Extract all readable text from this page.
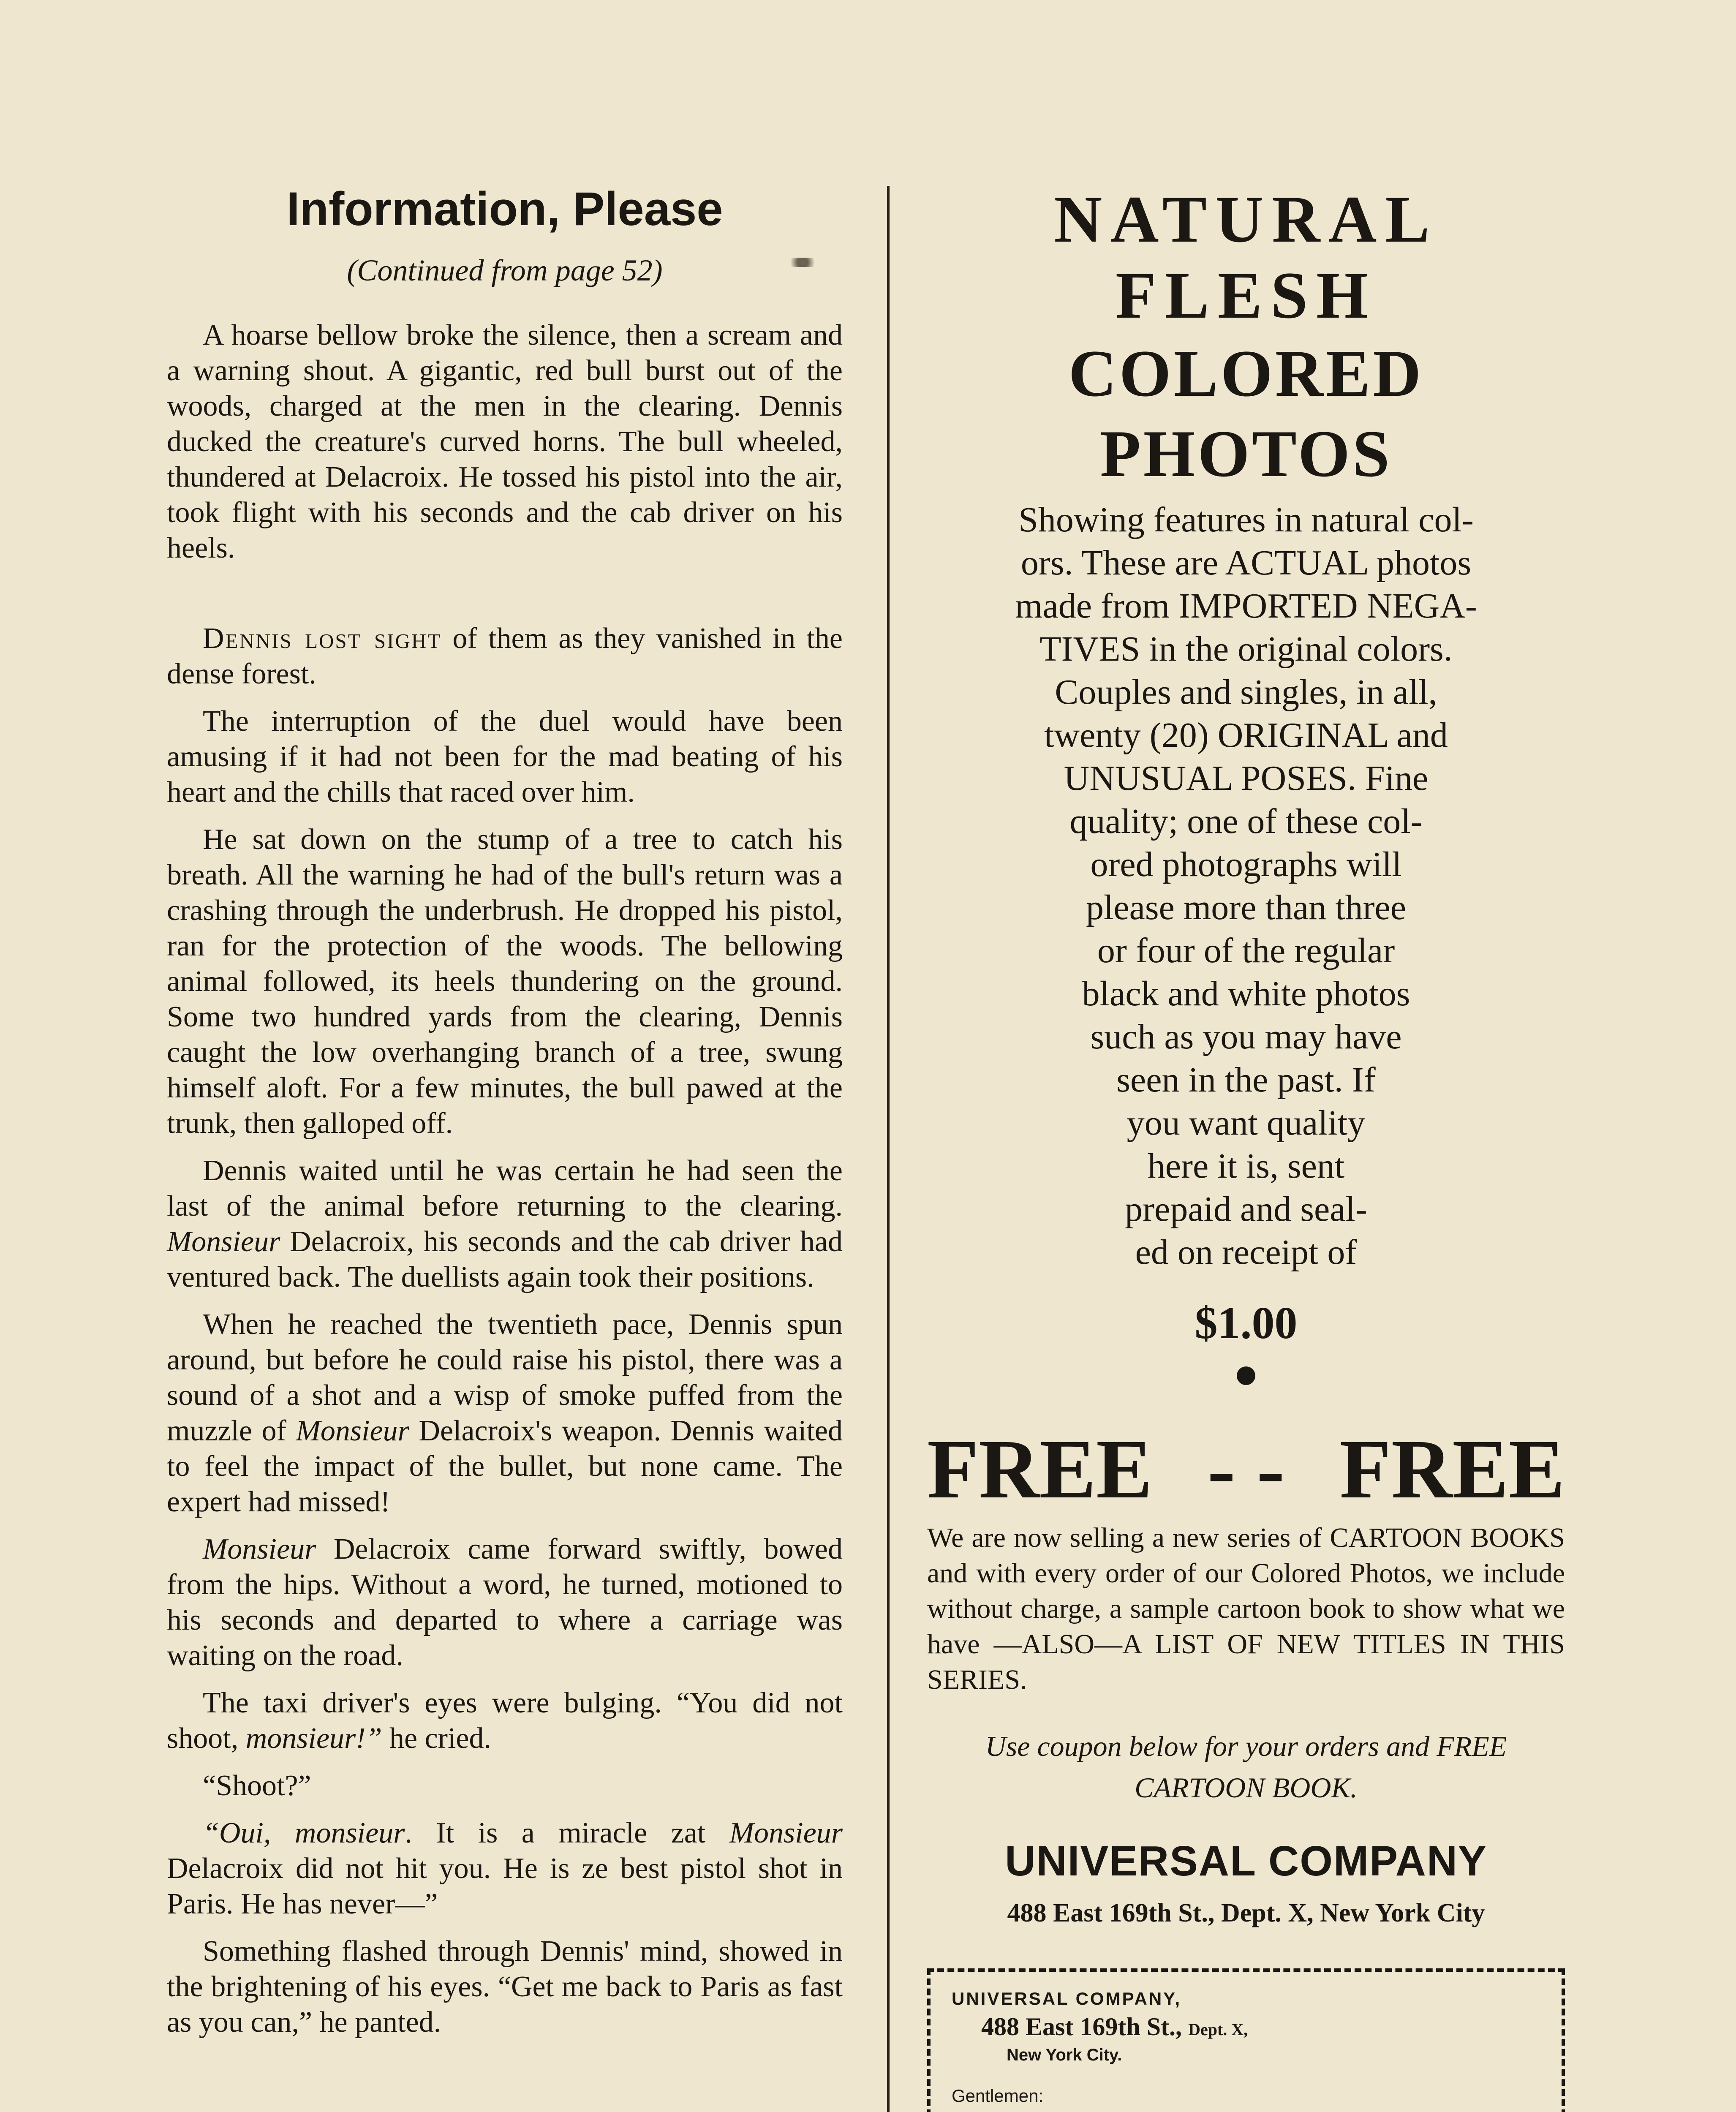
Information, Please

(Continued from page 52)

A hoarse bellow broke the silence, then a scream and a warning shout. A gigantic, red bull burst out of the woods, charged at the men in the clearing. Dennis ducked the creature's curved horns. The bull wheeled, thundered at Delacroix. He tossed his pistol into the air, took flight with his seconds and the cab driver on his heels.

Dennis lost sight of them as they vanished in the dense forest.

The interruption of the duel would have been amusing if it had not been for the mad beating of his heart and the chills that raced over him.

He sat down on the stump of a tree to catch his breath. All the warning he had of the bull's return was a crashing through the underbrush. He dropped his pistol, ran for the protection of the woods. The bellowing animal followed, its heels thundering on the ground. Some two hundred yards from the clearing, Dennis caught the low overhanging branch of a tree, swung himself aloft. For a few minutes, the bull pawed at the trunk, then galloped off.

Dennis waited until he was certain he had seen the last of the animal before returning to the clearing. Monsieur Delacroix, his seconds and the cab driver had ventured back. The duellists again took their positions.

When he reached the twentieth pace, Dennis spun around, but before he could raise his pistol, there was a sound of a shot and a wisp of smoke puffed from the muzzle of Monsieur Delacroix's weapon. Dennis waited to feel the impact of the bullet, but none came. The expert had missed!

Monsieur Delacroix came forward swiftly, bowed from the hips. Without a word, he turned, motioned to his seconds and departed to where a carriage was waiting on the road.

The taxi driver's eyes were bulging. “You did not shoot, monsieur!” he cried.

“Shoot?”

“Oui, monsieur. It is a miracle zat Monsieur Delacroix did not hit you. He is ze best pistol shot in Paris. He has never—”

Something flashed through Dennis' mind, showed in the brightening of his eyes. “Get me back to Paris as fast as you can,” he panted.

NATURAL FLESH
COLORED PHOTOS
Showing features in natural col-
ors. These are ACTUAL photos
made from IMPORTED NEGA-
TIVES in the original colors.
Couples and singles, in all,
twenty (20) ORIGINAL and
UNUSUAL POSES. Fine
quality; one of these col-
ored photographs will
please more than three
or four of the regular
black and white photos
such as you may have
seen in the past. If
you want quality
here it is, sent
prepaid and seal-
ed on receipt of
$1.00
FREE - - FREE

We are now selling a new series of CARTOON BOOKS and with every order of our Colored Photos, we include without charge, a sample cartoon book to show what we have —ALSO—A LIST OF NEW TITLES IN THIS SERIES.

Use coupon below for your orders and FREE CARTOON BOOK.

UNIVERSAL COMPANY
488 East 169th St., Dept. X, New York City
UNIVERSAL COMPANY,
488 East 169th St., Dept. X,
New York City.
Gentlemen:
